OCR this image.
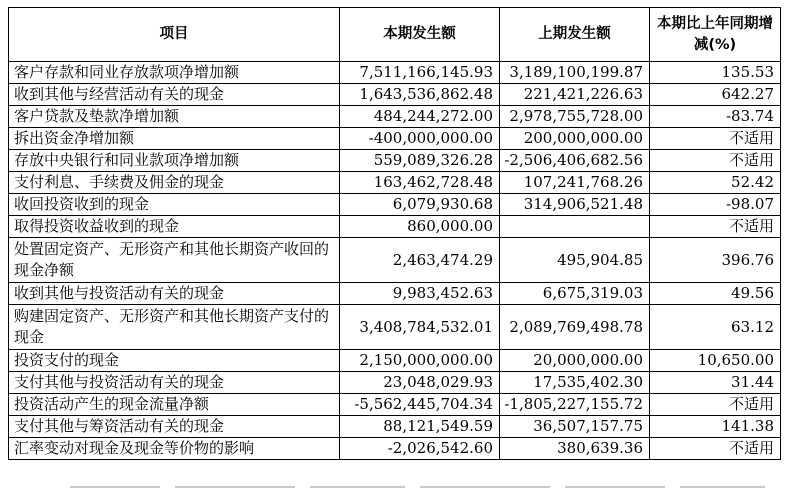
项目	本期发生额	上期发生额	本期比上年同期增减(%)
客户存款和同业存放款项净增加额	7,511,166,145.93	3,189,100,199.87	135.53
收到其他与经营活动有关的现金	1,643,536,862.48	221,421,226.63	642.27
客户贷款及垫款净增加额	484,244,272.00	2,978,755,728.00	-83.74
拆出资金净增加额	-400,000,000.00	200,000,000.00	不适用
存放中央银行和同业款项净增加额	559,089,326.28	-2,506,406,682.56	不适用
支付利息、手续费及佣金的现金	163,462,728.48	107,241,768.26	52.42
收回投资收到的现金	6,079,930.68	314,906,521.48	-98.07
取得投资收益收到的现金	860,000.00		不适用
处置固定资产、无形资产和其他长期资产收回的现金净额	2,463,474.29	495,904.85	396.76
收到其他与投资活动有关的现金	9,983,452.63	6,675,319.03	49.56
购建固定资产、无形资产和其他长期资产支付的现金	3,408,784,532.01	2,089,769,498.78	63.12
投资支付的现金	2,150,000,000.00	20,000,000.00	10,650.00
支付其他与投资活动有关的现金	23,048,029.93	17,535,402.30	31.44
投资活动产生的现金流量净额	-5,562,445,704.34	-1,805,227,155.72	不适用
支付其他与筹资活动有关的现金	88,121,549.59	36,507,157.75	141.38
汇率变动对现金及现金等价物的影响	-2,026,542.60	380,639.36	不适用
